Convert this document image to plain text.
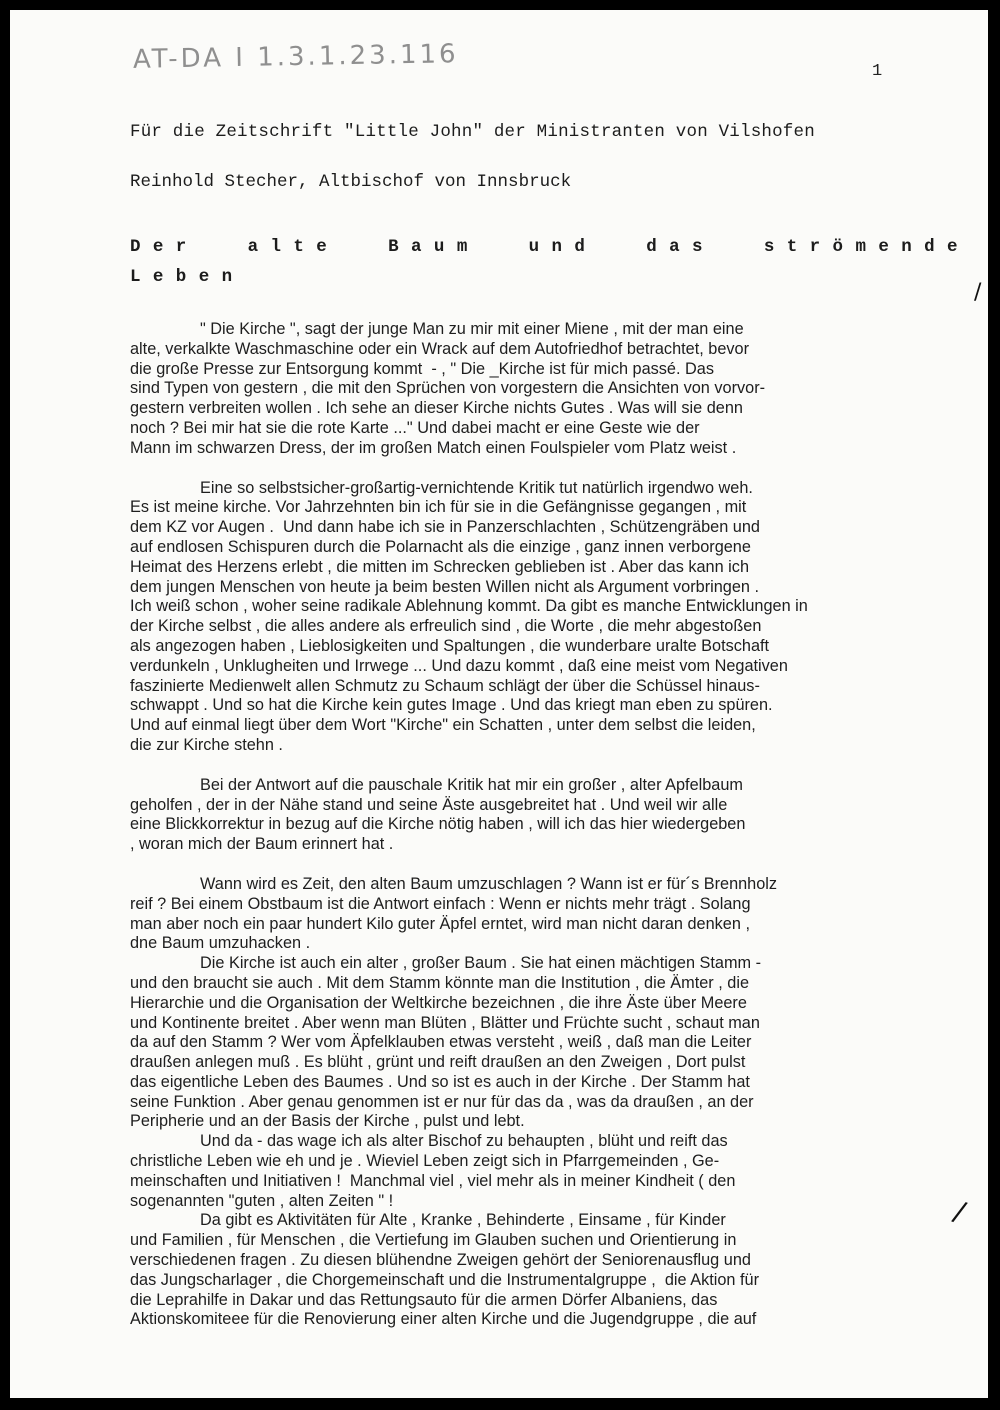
AT-DA I 1.3.1.23.116	1

Für die Zeitschrift "Little John" der Ministranten von Vilshofen

Reinhold Stecher, Altbischof von Innsbruck

Der alte Baum und das strömende
Leben
/

" Die Kirche ", sagt der junge Man zu mir mit einer Miene , mit der man eine
alte, verkalkte Waschmaschine oder ein Wrack auf dem Autofriedhof betrachtet, bevor
die große Presse zur Entsorgung kommt  - , " Die _Kirche ist für mich passé. Das
sind Typen von gestern , die mit den Sprüchen von vorgestern die Ansichten von vorvor-
gestern verbreiten wollen . Ich sehe an dieser Kirche nichts Gutes . Was will sie denn
noch ? Bei mir hat sie die rote Karte ..." Und dabei macht er eine Geste wie der
Mann im schwarzen Dress, der im großen Match einen Foulspieler vom Platz weist .

Eine so selbstsicher-großartig-vernichtende Kritik tut natürlich irgendwo weh.
Es ist meine kirche. Vor Jahrzehnten bin ich für sie in die Gefängnisse gegangen , mit
dem KZ vor Augen .  Und dann habe ich sie in Panzerschlachten , Schützengräben und
auf endlosen Schispuren durch die Polarnacht als die einzige , ganz innen verborgene
Heimat des Herzens erlebt , die mitten im Schrecken geblieben ist . Aber das kann ich
dem jungen Menschen von heute ja beim besten Willen nicht als Argument vorbringen .
Ich weiß schon , woher seine radikale Ablehnung kommt. Da gibt es manche Entwicklungen in
der Kirche selbst , die alles andere als erfreulich sind , die Worte , die mehr abgestoßen
als angezogen haben , Lieblosigkeiten und Spaltungen , die wunderbare uralte Botschaft
verdunkeln , Unklugheiten und Irrwege ... Und dazu kommt , daß eine meist vom Negativen
faszinierte Medienwelt allen Schmutz zu Schaum schlägt der über die Schüssel hinaus-
schwappt . Und so hat die Kirche kein gutes Image . Und das kriegt man eben zu spüren.
Und auf einmal liegt über dem Wort "Kirche" ein Schatten , unter dem selbst die leiden,
die zur Kirche stehn .

Bei der Antwort auf die pauschale Kritik hat mir ein großer , alter Apfelbaum
geholfen , der in der Nähe stand und seine Äste ausgebreitet hat . Und weil wir alle
eine Blickkorrektur in bezug auf die Kirche nötig haben , will ich das hier wiedergeben
, woran mich der Baum erinnert hat .

Wann wird es Zeit, den alten Baum umzuschlagen ? Wann ist er für´s Brennholz
reif ? Bei einem Obstbaum ist die Antwort einfach : Wenn er nichts mehr trägt . Solang
man aber noch ein paar hundert Kilo guter Äpfel erntet, wird man nicht daran denken ,
dne Baum umzuhacken .

Die Kirche ist auch ein alter , großer Baum . Sie hat einen mächtigen Stamm -
und den braucht sie auch . Mit dem Stamm könnte man die Institution , die Ämter , die
Hierarchie und die Organisation der Weltkirche bezeichnen , die ihre Äste über Meere
und Kontinente breitet . Aber wenn man Blüten , Blätter und Früchte sucht , schaut man
da auf den Stamm ? Wer vom Äpfelklauben etwas versteht , weiß , daß man die Leiter
draußen anlegen muß . Es blüht , grünt und reift draußen an den Zweigen , Dort pulst
das eigentliche Leben des Baumes . Und so ist es auch in der Kirche . Der Stamm hat
seine Funktion . Aber genau genommen ist er nur für das da , was da draußen , an der
Peripherie und an der Basis der Kirche , pulst und lebt.

Und da - das wage ich als alter Bischof zu behaupten , blüht und reift das
christliche Leben wie eh und je . Wieviel Leben zeigt sich in Pfarrgemeinden , Ge-
meinschaften und Initiativen !  Manchmal viel , viel mehr als in meiner Kindheit ( den
sogenannten "guten , alten Zeiten " !

Da gibt es Aktivitäten für Alte , Kranke , Behinderte , Einsame , für Kinder
und Familien , für Menschen , die Vertiefung im Glauben suchen und Orientierung in
verschiedenen fragen . Zu diesen blühendne Zweigen gehört der Seniorenausflug und
das Jungscharlager , die Chorgemeinschaft und die Instrumentalgruppe ,  die Aktion für
die Leprahilfe in Dakar und das Rettungsauto für die armen Dörfer Albaniens, das
Aktionskomiteee für die Renovierung einer alten Kirche und die Jugendgruppe , die auf

/
